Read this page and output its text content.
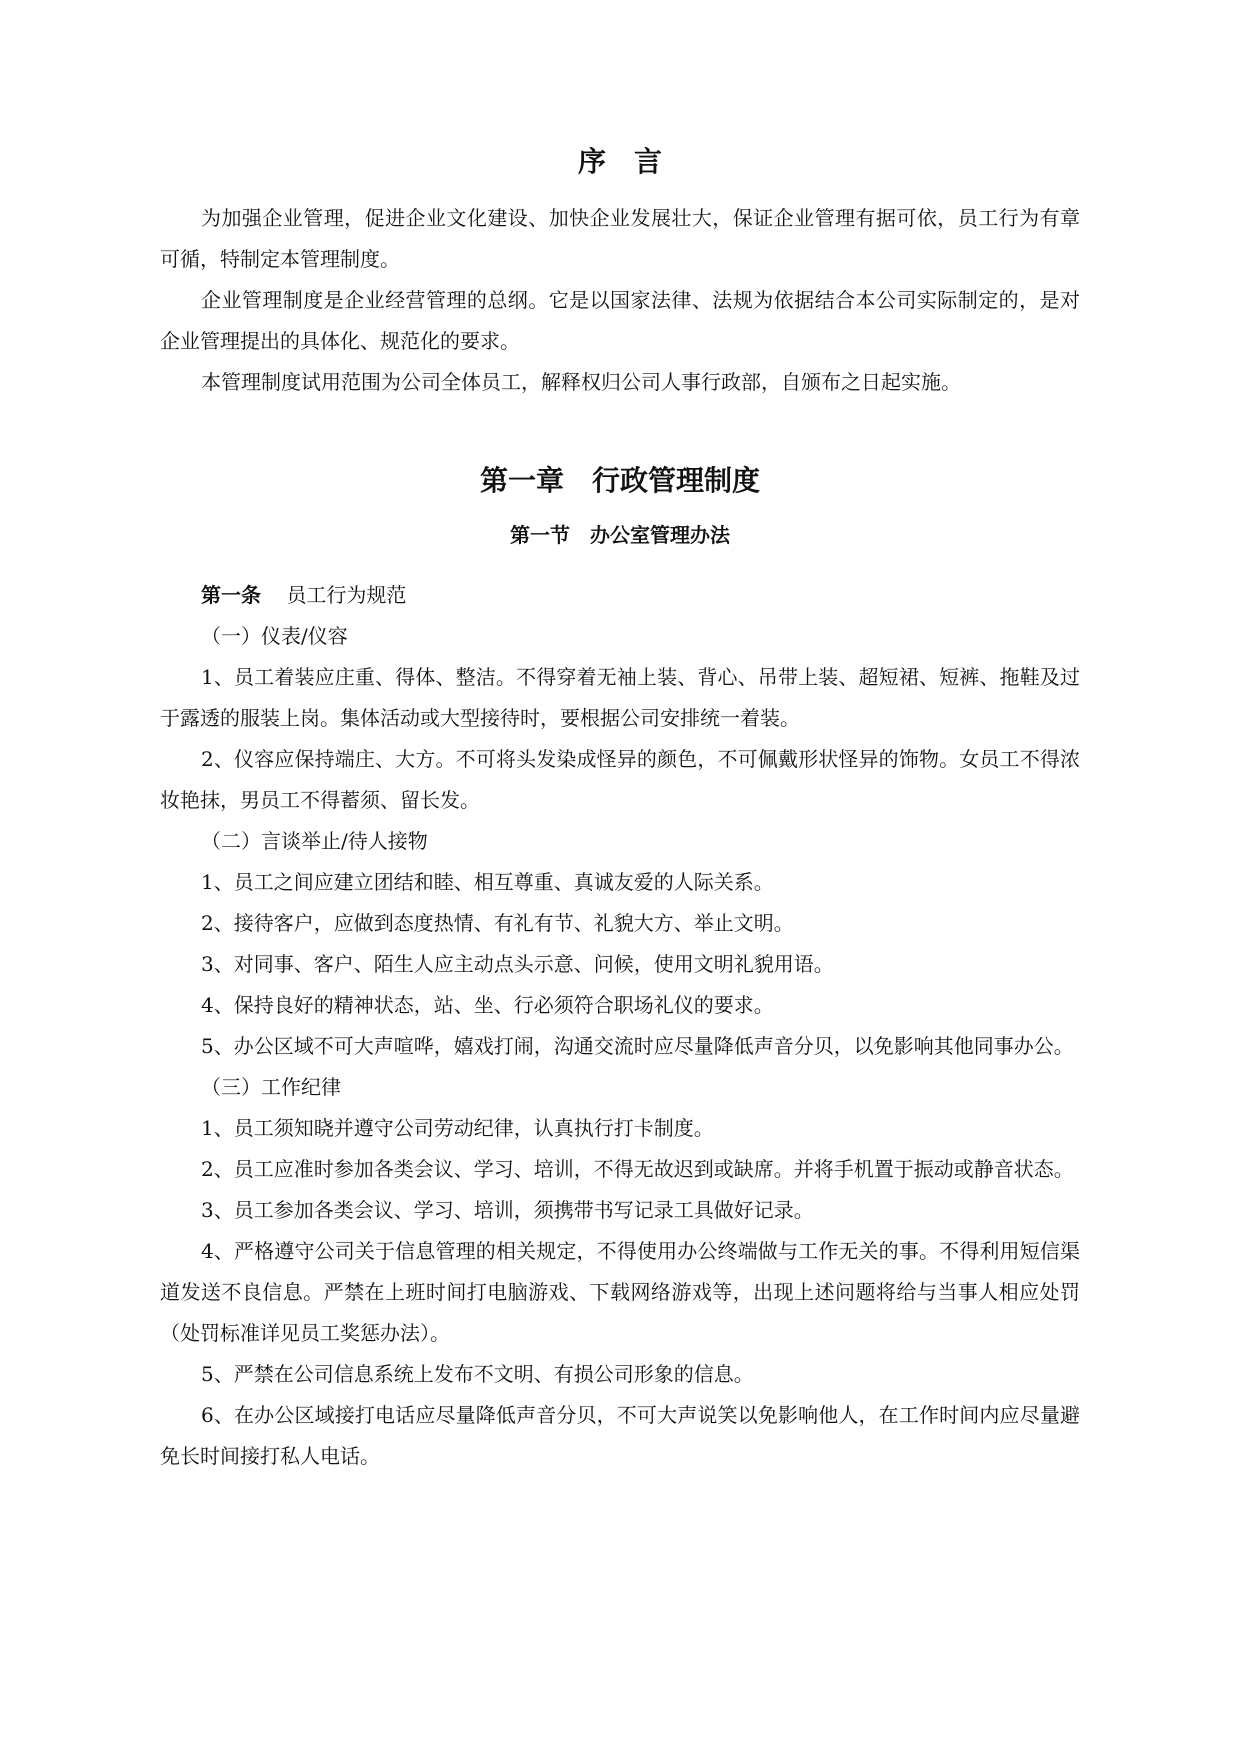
序言

为加强企业管理，促进企业文化建设、加快企业发展壮大，保证企业管理有据可依，员工行为有章可循，特制定本管理制度。

企业管理制度是企业经营管理的总纲。它是以国家法律、法规为依据结合本公司实际制定的，是对企业管理提出的具体化、规范化的要求。

本管理制度试用范围为公司全体员工，解释权归公司人事行政部，自颁布之日起实施。

第一章　行政管理制度
第一节　办公室管理办法

第一条 员工行为规范

（一）仪表/仪容

1、员工着装应庄重、得体、整洁。不得穿着无袖上装、背心、吊带上装、超短裙、短裤、拖鞋及过于露透的服装上岗。集体活动或大型接待时，要根据公司安排统一着装。

2、仪容应保持端庄、大方。不可将头发染成怪异的颜色，不可佩戴形状怪异的饰物。女员工不得浓妆艳抹，男员工不得蓄须、留长发。

（二）言谈举止/待人接物

1、员工之间应建立团结和睦、相互尊重、真诚友爱的人际关系。

2、接待客户，应做到态度热情、有礼有节、礼貌大方、举止文明。

3、对同事、客户、陌生人应主动点头示意、问候，使用文明礼貌用语。

4、保持良好的精神状态，站、坐、行必须符合职场礼仪的要求。

5、办公区域不可大声喧哗，嬉戏打闹，沟通交流时应尽量降低声音分贝，以免影响其他同事办公。

（三）工作纪律

1、员工须知晓并遵守公司劳动纪律，认真执行打卡制度。

2、员工应准时参加各类会议、学习、培训，不得无故迟到或缺席。并将手机置于振动或静音状态。

3、员工参加各类会议、学习、培训，须携带书写记录工具做好记录。

4、严格遵守公司关于信息管理的相关规定，不得使用办公终端做与工作无关的事。不得利用短信渠道发送不良信息。严禁在上班时间打电脑游戏、下载网络游戏等，出现上述问题将给与当事人相应处罚（处罚标准详见员工奖惩办法）。

5、严禁在公司信息系统上发布不文明、有损公司形象的信息。

6、在办公区域接打电话应尽量降低声音分贝，不可大声说笑以免影响他人，在工作时间内应尽量避免长时间接打私人电话。
